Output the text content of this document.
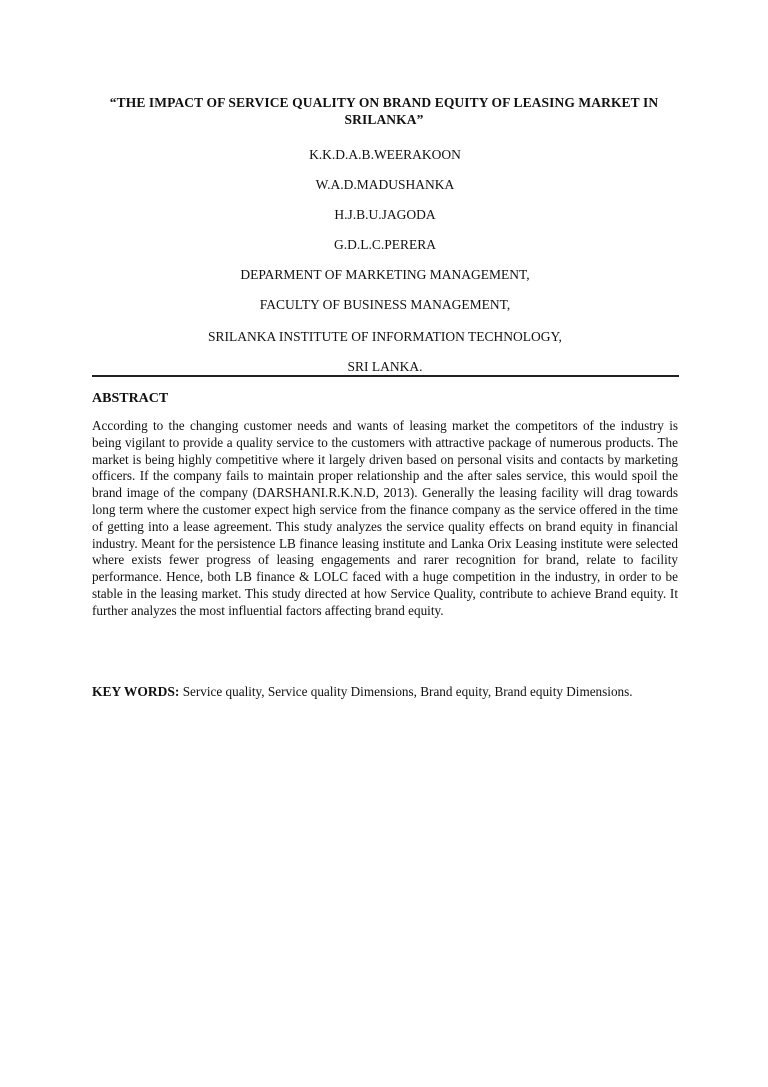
“THE IMPACT OF SERVICE QUALITY ON BRAND EQUITY OF LEASING MARKET IN SRILANKA”
K.K.D.A.B.WEERAKOON
W.A.D.MADUSHANKA
H.J.B.U.JAGODA
G.D.L.C.PERERA
DEPARMENT OF MARKETING MANAGEMENT,
FACULTY OF BUSINESS MANAGEMENT,
SRILANKA INSTITUTE OF INFORMATION TECHNOLOGY,
SRI LANKA.
ABSTRACT
According to the changing customer needs and wants of leasing market the competitors of the industry is being vigilant to provide a quality service to the customers with attractive package of numerous products. The market is being highly competitive where it largely driven based on personal visits and contacts by marketing officers. If the company fails to maintain proper relationship and the after sales service, this would spoil the brand image of the company (DARSHANI.R.K.N.D, 2013). Generally the leasing facility will drag towards long term where the customer expect high service from the finance company as the service offered in the time of getting into a lease agreement. This study analyzes the service quality effects on brand equity in financial industry. Meant for the persistence LB finance leasing institute and Lanka Orix Leasing institute were selected where exists fewer progress of leasing engagements and rarer recognition for brand, relate to facility performance. Hence, both LB finance & LOLC faced with a huge competition in the industry, in order to be stable in the leasing market. This study directed at how Service Quality, contribute to achieve Brand equity. It further analyzes the most influential factors affecting brand equity.
KEY WORDS: Service quality, Service quality Dimensions, Brand equity, Brand equity Dimensions.
